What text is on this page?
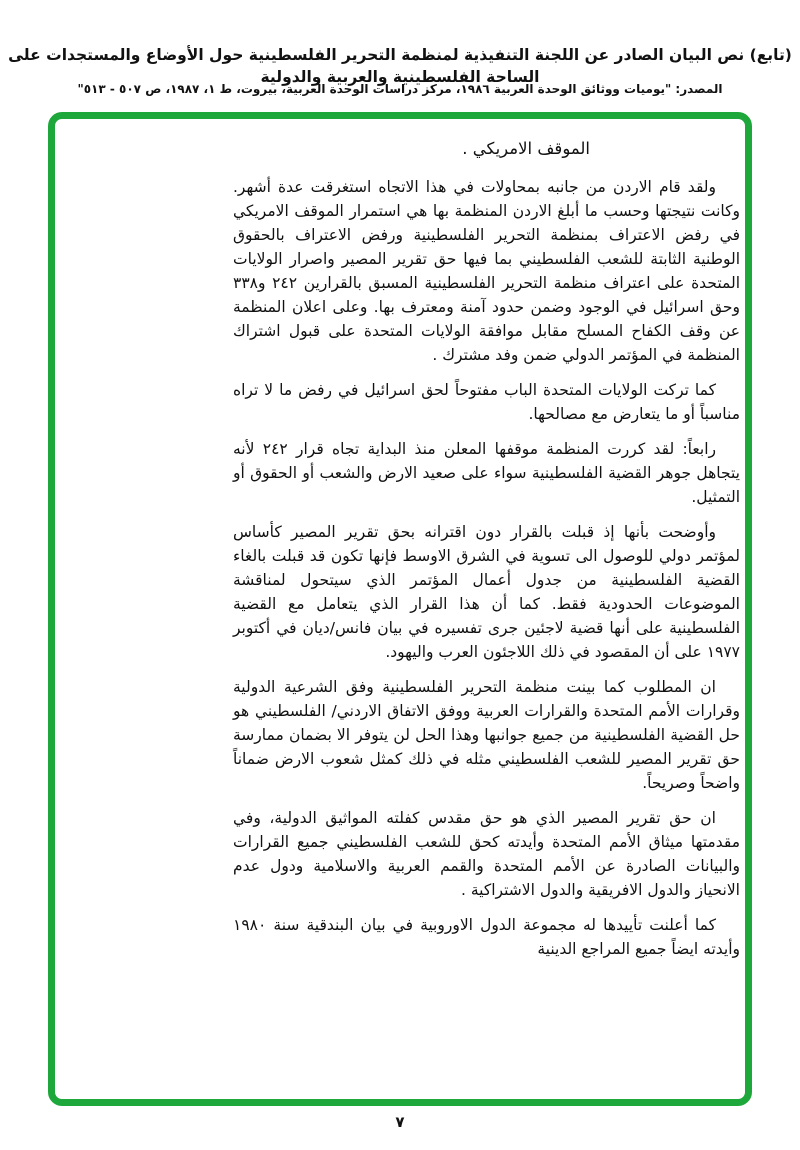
(تابع) نص البيان الصادر عن اللجنة التنفيذية لمنظمة التحرير الفلسطينية حول الأوضاع والمستجدات على الساحة الفلسطينية والعربية والدولية
المصدر: "يوميات ووثائق الوحدة العربية ١٩٨٦، مركز دراسات الوحدة العربية، بيروت، ط ١، ١٩٨٧، ص ٥٠٧ - ٥١٣"
الموقف الامريكي .

ولقد قام الاردن من جانبه بمحاولات في هذا الاتجاه استغرقت عدة أشهر. وكانت نتيجتها وحسب ما أبلغ الاردن المنظمة بها هي استمرار الموقف الامريكي في رفض الاعتراف بمنظمة التحرير الفلسطينية ورفض الاعتراف بالحقوق الوطنية الثابتة للشعب الفلسطيني بما فيها حق تقرير المصير واصرار الولايات المتحدة على اعتراف منظمة التحرير الفلسطينية المسبق بالقرارين ٢٤٢ و٣٣٨ وحق اسرائيل في الوجود وضمن حدود آمنة ومعترف بها. وعلى اعلان المنظمة عن وقف الكفاح المسلح مقابل موافقة الولايات المتحدة على قبول اشتراك المنظمة في المؤتمر الدولي ضمن وفد مشترك .

كما تركت الولايات المتحدة الباب مفتوحاً لحق اسرائيل في رفض ما لا تراه مناسباً أو ما يتعارض مع مصالحها.

رابعاً: لقد كررت المنظمة موقفها المعلن منذ البداية تجاه قرار ٢٤٢ لأنه يتجاهل جوهر القضية الفلسطينية سواء على صعيد الارض والشعب أو الحقوق أو التمثيل.

وأوضحت بأنها إذ قبلت بالقرار دون اقترانه بحق تقرير المصير كأساس لمؤتمر دولي للوصول الى تسوية في الشرق الاوسط فإنها تكون قد قبلت بالغاء القضية الفلسطينية من جدول أعمال المؤتمر الذي سيتحول لمناقشة الموضوعات الحدودية فقط. كما أن هذا القرار الذي يتعامل مع القضية الفلسطينية على أنها قضية لاجئين جرى تفسيره في بيان فانس/ديان في أكتوبر ١٩٧٧ على أن المقصود في ذلك اللاجئون العرب واليهود.

ان المطلوب كما بينت منظمة التحرير الفلسطينية وفق الشرعية الدولية وقرارات الأمم المتحدة والقرارات العربية ووفق الاتفاق الاردني/ الفلسطيني هو حل القضية الفلسطينية من جميع جوانبها وهذا الحل لن يتوفر الا بضمان ممارسة حق تقرير المصير للشعب الفلسطيني مثله في ذلك كمثل شعوب الارض ضماناً واضحاً وصريحاً.

ان حق تقرير المصير الذي هو حق مقدس كفلته المواثيق الدولية، وفي مقدمتها ميثاق الأمم المتحدة وأيدته كحق للشعب الفلسطيني جميع القرارات والبيانات الصادرة عن الأمم المتحدة والقمم العربية والاسلامية ودول عدم الانحياز والدول الافريقية والدول الاشتراكية .

كما أعلنت تأييدها له مجموعة الدول الاوروبية في بيان البندقية سنة ١٩٨٠ وأيدته ايضاً جميع المراجع الدينية

٧
